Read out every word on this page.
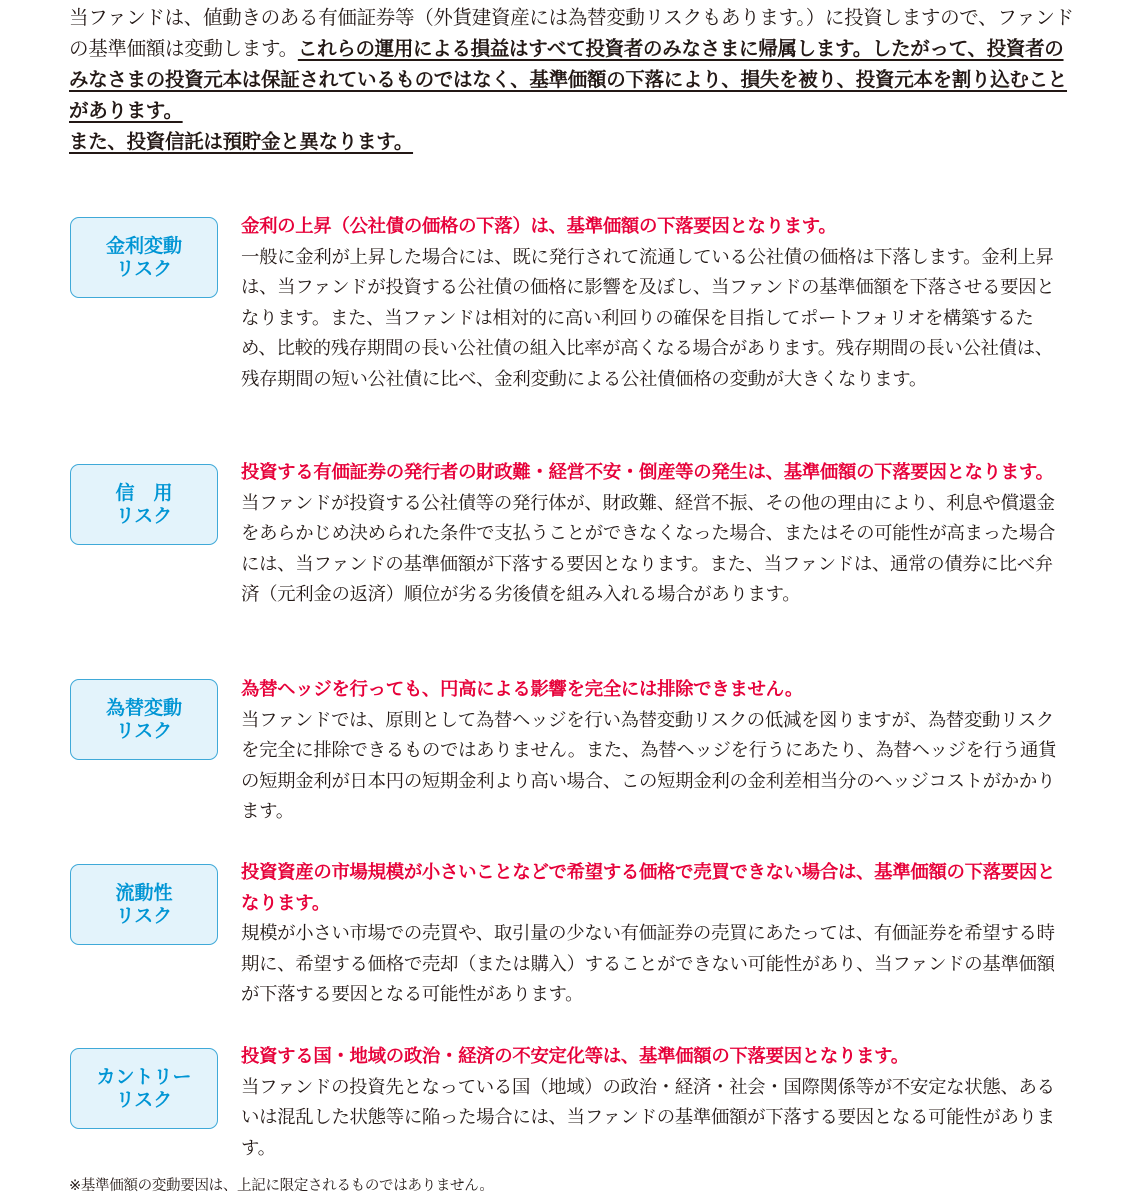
当ファンドは、値動きのある有価証券等（外貨建資産には為替変動リスクもあります。）に投資しますので、ファンドの基準価額は変動します。これらの運用による損益はすべて投資者のみなさまに帰属します。したがって、投資者のみなさまの投資元本は保証されているものではなく、基準価額の下落により、損失を被り、投資元本を割り込むことがあります。
また、投資信託は預貯金と異なります。
金利変動
リスク
金利の上昇（公社債の価格の下落）は、基準価額の下落要因となります。
一般に金利が上昇した場合には、既に発行されて流通している公社債の価格は下落します。金利上昇は、当ファンドが投資する公社債の価格に影響を及ぼし、当ファンドの基準価額を下落させる要因となります。また、当ファンドは相対的に高い利回りの確保を目指してポートフォリオを構築するため、比較的残存期間の長い公社債の組入比率が高くなる場合があります。残存期間の長い公社債は、残存期間の短い公社債に比べ、金利変動による公社債価格の変動が大きくなります。
信　用
リスク
投資する有価証券の発行者の財政難・経営不安・倒産等の発生は、基準価額の下落要因となります。
当ファンドが投資する公社債等の発行体が、財政難、経営不振、その他の理由により、利息や償還金をあらかじめ決められた条件で支払うことができなくなった場合、またはその可能性が高まった場合には、当ファンドの基準価額が下落する要因となります。また、当ファンドは、通常の債券に比べ弁済（元利金の返済）順位が劣る劣後債を組み入れる場合があります。
為替変動
リスク
為替ヘッジを行っても、円高による影響を完全には排除できません。
当ファンドでは、原則として為替ヘッジを行い為替変動リスクの低減を図りますが、為替変動リスクを完全に排除できるものではありません。また、為替ヘッジを行うにあたり、為替ヘッジを行う通貨の短期金利が日本円の短期金利より高い場合、この短期金利の金利差相当分のヘッジコストがかかります。
流動性
リスク
投資資産の市場規模が小さいことなどで希望する価格で売買できない場合は、基準価額の下落要因となります。
規模が小さい市場での売買や、取引量の少ない有価証券の売買にあたっては、有価証券を希望する時期に、希望する価格で売却（または購入）することができない可能性があり、当ファンドの基準価額が下落する要因となる可能性があります。
カントリー
リスク
投資する国・地域の政治・経済の不安定化等は、基準価額の下落要因となります。
当ファンドの投資先となっている国（地域）の政治・経済・社会・国際関係等が不安定な状態、あるいは混乱した状態等に陥った場合には、当ファンドの基準価額が下落する要因となる可能性があります。
※基準価額の変動要因は、上記に限定されるものではありません。
